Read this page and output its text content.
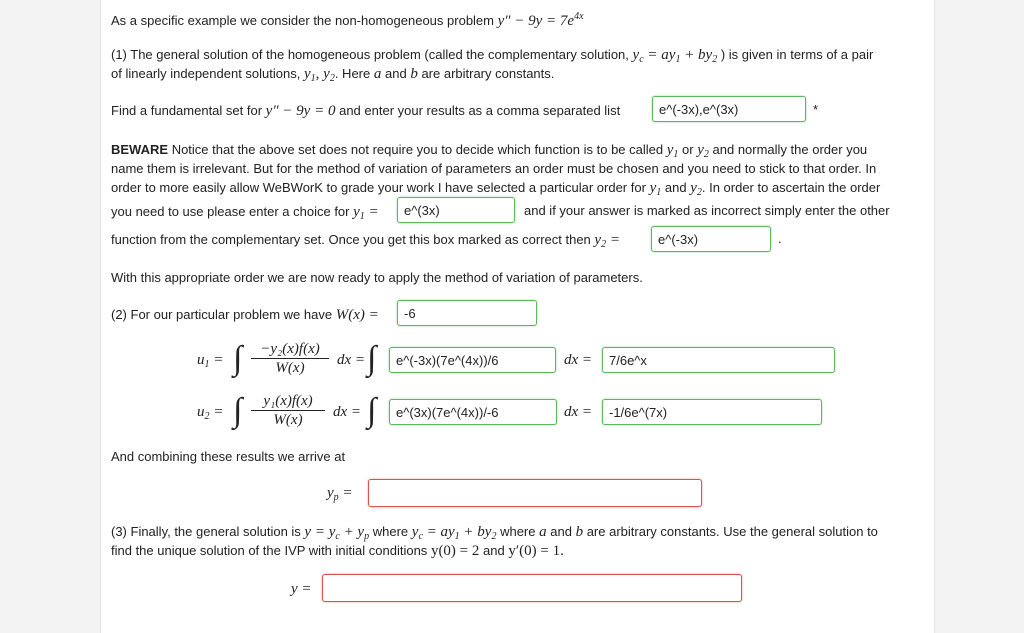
As a specific example we consider the non-homogeneous problem $y'' - 9y = 7e^{4x}$
(1) The general solution of the homogeneous problem (called the complementary solution, $y_c = ay_1 + by_2$ ) is given in terms of a pair
of linearly independent solutions, $y_1$, $y_2$. Here a and b are arbitrary constants.
Find a fundamental set for y″ − 9y = 0 and enter your results as a comma separated list
e^(-3x),e^(3x)	*
BEWARE Notice that the above set does not require you to decide which function is to be called $y_1$ or $y_2$ and normally the order you
name them is irrelevant. But for the method of variation of parameters an order must be chosen and you need to stick to that order. In
order to more easily allow WeBWorK to grade your work I have selected a particular order for $y_1$ and $y_2$. In order to ascertain the order
you need to use please enter a choice for $y_1$ =
e^(3x)	and if your answer is marked as incorrect simply enter the other
function from the complementary set. Once you get this box marked as correct then $y_2$ =
e^(-3x)	.
With this appropriate order we are now ready to apply the method of variation of parameters.
(2) For our particular problem we have W(x) =
-6
$u_1$ = ∫ $\frac{\text{−y₂(x)f(x)}}{W(x)}$ dx = ∫
e^(-3x)(7e^(4x))/6	dx =
7/6e^x
$u_2$ = ∫ $\frac{\text{y₁(x)f(x)}}{W(x)}$ dx = ∫
e^(3x)(7e^(4x))/-6	dx =
-1/6e^(7x)
And combining these results we arrive at
$y_p$ =
(3) Finally, the general solution is $y = y_c + y_p$ where $y_c = ay_1 + by_2$ where a and b are arbitrary constants. Use the general solution to
find the unique solution of the IVP with initial conditions y(0) = 2 and y′(0) = 1.
y =
